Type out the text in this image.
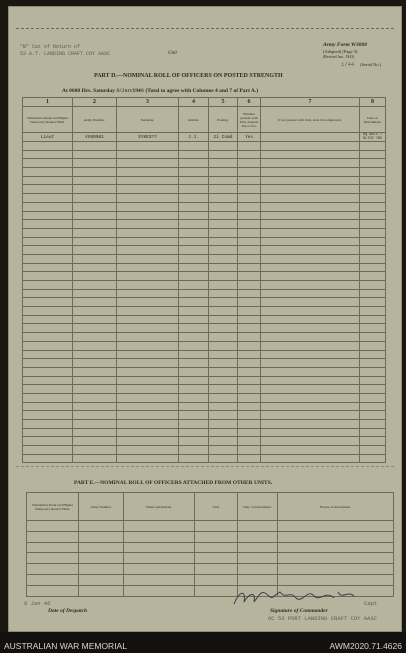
"B" Cat of Return of
53 A.T. LANDING CRAFT COY AASC	Unit
Army Form W3008
(Adapted) (Page 3)
(Revised Jan., 1943)
1/44 (Serial No.)
PART D.—NOMINAL ROLL OF OFFICERS ON POSTED STRENGTH
At 0600 Hrs. Saturday 8/Jan/1946 (Total to agree with Columns 4 and 7 of Part A.)
1	2	3	4	5	6	7	8
Substantive Rank and Higher Temporary Rank if Held.	Army Number.	Surname.	Initials.	Posting.	Whether present with Unit. Answer Yes or No.	If not present with Unit, state how employed.	Date of Detachment.
Lieut	VX00081	SYKES??	J.J.	2i Comd	Yes		HQ ARTS ?OL?CE ?65

PART E.—NOMINAL ROLL OF OFFICERS ATTACHED FROM OTHER UNITS.
Substantive Rank and Higher Temporary Rank if Held.	Army Number.	Name and Initials.	Unit.	Date of Attachment.	Nature of Attachment.

8 Jan 46
Date of Despatch	Signature of Commander
Capt
OC 53 PORT LANDING CRAFT COY AASC
AUSTRALIAN WAR MEMORIAL	AWM2020.71.4626
